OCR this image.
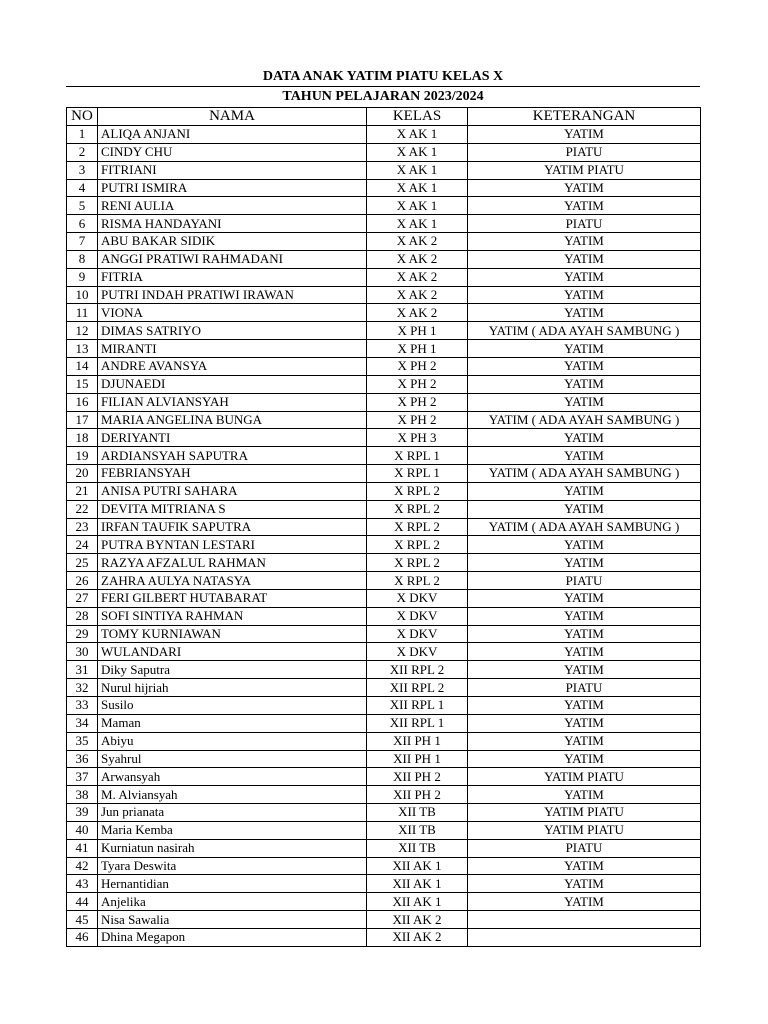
DATA ANAK YATIM PIATU KELAS X
TAHUN PELAJARAN 2023/2024
NO	NAMA	KELAS	KETERANGAN
1	ALIQA ANJANI	X AK 1	YATIM
2	CINDY CHU	X AK 1	PIATU
3	FITRIANI	X AK 1	YATIM PIATU
4	PUTRI ISMIRA	X AK 1	YATIM
5	RENI AULIA	X AK 1	YATIM
6	RISMA HANDAYANI	X AK 1	PIATU
7	ABU BAKAR SIDIK	X AK 2	YATIM
8	ANGGI PRATIWI RAHMADANI	X AK 2	YATIM
9	FITRIA	X AK 2	YATIM
10	PUTRI INDAH PRATIWI IRAWAN	X AK 2	YATIM
11	VIONA	X AK 2	YATIM
12	DIMAS SATRIYO	X PH 1	YATIM ( ADA AYAH SAMBUNG )
13	MIRANTI	X PH 1	YATIM
14	ANDRE AVANSYA	X PH 2	YATIM
15	DJUNAEDI	X PH 2	YATIM
16	FILIAN ALVIANSYAH	X PH 2	YATIM
17	MARIA ANGELINA BUNGA	X PH 2	YATIM ( ADA AYAH SAMBUNG )
18	DERIYANTI	X PH 3	YATIM
19	ARDIANSYAH SAPUTRA	X RPL 1	YATIM
20	FEBRIANSYAH	X RPL 1	YATIM ( ADA AYAH SAMBUNG )
21	ANISA PUTRI SAHARA	X RPL 2	YATIM
22	DEVITA MITRIANA S	X RPL 2	YATIM
23	IRFAN TAUFIK SAPUTRA	X RPL 2	YATIM ( ADA AYAH SAMBUNG )
24	PUTRA BYNTAN LESTARI	X RPL 2	YATIM
25	RAZYA AFZALUL RAHMAN	X RPL 2	YATIM
26	ZAHRA AULYA NATASYA	X RPL 2	PIATU
27	FERI GILBERT HUTABARAT	X DKV	YATIM
28	SOFI SINTIYA RAHMAN	X DKV	YATIM
29	TOMY KURNIAWAN	X DKV	YATIM
30	WULANDARI	X DKV	YATIM
31	Diky Saputra	XII RPL 2	YATIM
32	Nurul hijriah	XII RPL 2	PIATU
33	Susilo	XII RPL 1	YATIM
34	Maman	XII RPL 1	YATIM
35	Abiyu	XII PH 1	YATIM
36	Syahrul	XII PH 1	YATIM
37	Arwansyah	XII PH 2	YATIM PIATU
38	M. Alviansyah	XII PH 2	YATIM
39	Jun prianata	XII TB	YATIM PIATU
40	Maria Kemba	XII TB	YATIM PIATU
41	Kurniatun nasirah	XII TB	PIATU
42	Tyara Deswita	XII AK 1	YATIM
43	Hernantidian	XII AK 1	YATIM
44	Anjelika	XII AK 1	YATIM
45	Nisa Sawalia	XII AK 2	
46	Dhina Megapon	XII AK 2	
